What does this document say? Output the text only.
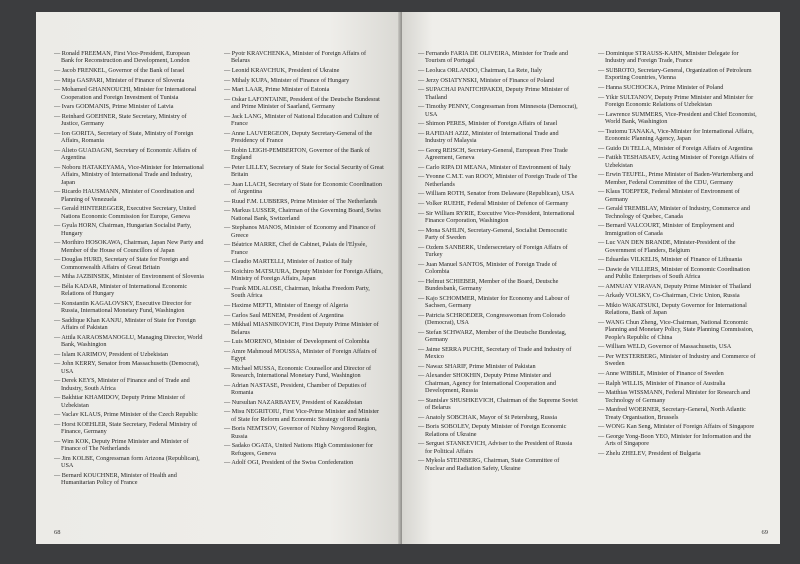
— Ronald FREEMAN, First Vice-President, European Bank for Reconstruction and Development, London
— Jacob FRENKEL, Governor of the Bank of Israel
— Mitja GASPARI, Minister of Finance of Slovenia
— Mohamed GHANNOUCHI, Minister for International Cooperation and Foreign Investment of Tunisia
— Ivars GODMANIS, Prime Minister of Latvia
— Reinhard GOEHNER, State Secretary, Ministry of Justice, Germany
— Ion GORITA, Secretary of State, Ministry of Foreign Affairs, Romania
— Alieto GUADAGNI, Secretary of Economic Affairs of Argentina
— Noboru HATAKEYAMA, Vice-Minister for International Affairs, Ministry of International Trade and Industry, Japan
— Ricardo HAUSMANN, Minister of Coordination and Planning of Venezuela
— Gerald HINTEREGGER, Executive Secretary, United Nations Economic Commission for Europe, Geneva
— Gyula HORN, Chairman, Hungarian Socialist Party, Hungary
— Morihiro HOSOKAWA, Chairman, Japan New Party and Member of the House of Councillors of Japan
— Douglas HURD, Secretary of State for Foreign and Commonwealth Affairs of Great Britain
— Miha JAZBINSEK, Minister of Environment of Slovenia
— Béla KADAR, Minister of International Economic Relations of Hungary
— Konstantin KAGALOVSKY, Executive Director for Russia, International Monetary Fund, Washington
— Saddique Khan KANJU, Minister of State for Foreign Affairs of Pakistan
— Attila KARAOSMANOGLU, Managing Director, World Bank, Washington
— Islam KARIMOV, President of Uzbekistan
— John KERRY, Senator from Massachusetts (Democrat), USA
— Derek KEYS, Minister of Finance and of Trade and Industry, South Africa
— Bakhtiar KHAMIDOV, Deputy Prime Minister of Uzbekistan
— Vaclav KLAUS, Prime Minister of the Czech Republic
— Horst KOEHLER, State Secretary, Federal Ministry of Finance, Germany
— Wim KOK, Deputy Prime Minister and Minister of Finance of The Netherlands
— Jim KOLBE, Congressman form Arizona (Republican), USA
— Bernard KOUCHNER, Minister of Health and Humanitarian Policy of France
— Pyotr KRAVCHENKA, Minister of Foreign Affairs of Belarus
— Leonid KRAVCHUK, President of Ukraine
— Mihaly KUPA, Minister of Finance of Hungary
— Mart LAAR, Prime Minister of Estonia
— Oskar LAFONTAINE, President of the Deutsche Bundesrat and Prime Minister of Saarland, Germany
— Jack LANG, Minister of National Education and Culture of France
— Anne LAUVERGEON, Deputy Secretary-General of the Presidency of France
— Robin LEIGH-PEMBERTON, Governor of the Bank of England
— Peter LILLEY, Secretary of State for Social Security of Great Britain
— Juan LLACH, Secretary of State for Economic Coordination of Argentina
— Ruud F.M. LUBBERS, Prime Minister of The Netherlands
— Markus LUSSER, Chairman of the Governing Board, Swiss National Bank, Switzerland
— Stephanos MANOS, Minister of Economy and Finance of Greece
— Béatrice MARRE, Chef de Cabinet, Palais de l'Elysée, France
— Claudio MARTELLI, Minister of Justice of Italy
— Koichiro MATSUURA, Deputy Minister for Foreign Affairs, Ministry of Foreign Affairs, Japan
— Frank MDLALOSE, Chairman, Inkatha Freedom Party, South Africa
— Haxime MEFTI, Minister of Energy of Algeria
— Carlos Saul MENEM, President of Argentina
— Mikhail MIASNIKOVICH, First Deputy Prime Minister of Belarus
— Luis MORENO, Minister of Development of Colombia
— Amre Mahmoud MOUSSA, Minister of Foreign Affairs of Egypt
— Michael MUSSA, Economic Counsellor and Director of Research, International Monetary Fund, Washington
— Adrian NASTASE, President, Chamber of Deputies of Romania
— Nursultan NAZARBAYEV, President of Kazakhstan
— Misu NEGRITOIU, First Vice-Prime Minister and Minister of State for Reform and Economic Strategy of Romania
— Boris NEMTSOV, Governor of Nizhny Novgorod Region, Russia
— Sadako OGATA, United Nations High Commissioner for Refugees, Geneva
— Adolf OGI, President of the Swiss Confederation
68
— Fernando FARIA DE OLIVEIRA, Minister for Trade and Tourism of Portugal
— Leoluca ORLANDO, Chairman, La Rete, Italy
— Jerzy OSIATYNSKI, Minister of Finance of Poland
— SUPACHAI PANITCHPAKDI, Deputy Prime Minister of Thailand
— Timothy PENNY, Congressman from Minnesota (Democrat), USA
— Shimon PERES, Minister of Foreign Affairs of Israel
— RAFIDAH AZIZ, Minister of International Trade and Industry of Malaysia
— Georg REISCH, Secretary-General, European Free Trade Agreement, Geneva
— Carlo RIPA DI MEANA, Minister of Environment of Italy
— Yvonne C.M.T. van ROOY, Minister of Foreign Trade of The Netherlands
— William ROTH, Senator from Delaware (Republican), USA
— Volker RUEHE, Federal Minister of Defence of Germany
— Sir William RYRIE, Executive Vice-President, International Finance Corporation, Washington
— Mona SAHLIN, Secretary-General, Socialist Democratic Party of Sweden
— Ozdem SANBERK, Undersecretary of Foreign Affairs of Turkey
— Juan Manuel SANTOS, Minister of Foreign Trade of Colombia
— Helmut SCHIEBER, Member of the Board, Deutsche Bundesbank, Germany
— Kajo SCHOMMER, Minister for Economy and Labour of Sachsen, Germany
— Patricia SCHROEDER, Congresswoman from Colorado (Democrat), USA
— Stefan SCHWARZ, Member of the Deutsche Bundestag, Germany
— Jaime SERRA PUCHE, Secretary of Trade and Industry of Mexico
— Nawaz SHARIF, Prime Minister of Pakistan
— Alexander SHOKHIN, Deputy Prime Minister and Chairman, Agency for International Cooperation and Development, Russia
— Stanislav SHUSHKEVICH, Chairman of the Supreme Soviet of Belarus
— Anatoly SOBCHAK, Mayor of St Petersburg, Russia
— Boris SOBOLEV, Deputy Minister of Foreign Economic Relations of Ukraine
— Serguei STANKEVICH, Adviser to the President of Russia for Political Affairs
— Mykola STEINBERG, Chairman, State Committee of Nuclear and Radiation Safety, Ukraine
— Dominique STRAUSS-KAHN, Minister Delegate for Industry and Foreign Trade, France
— SUBROTO, Secretary-General, Organization of Petroleum Exporting Countries, Vienna
— Hanna SUCHOCKA, Prime Minister of Poland
— Yikir SULTANOV, Deputy Prime Minister and Minister for Foreign Economic Relations of Uzbekistan
— Lawrence SUMMERS, Vice-President and Chief Economist, World Bank, Washington
— Tsutomu TANAKA, Vice-Minister for International Affairs, Economic Planning Agency, Japan
— Guido Di TELLA, Minister of Foreign Affairs of Argentina
— Fatikh TESHABAEV, Acting Minister of Foreign Affairs of Uzbekistan
— Erwin TEUFEL, Prime Minister of Baden-Wurtemberg and Member, Federal Committee of the CDU, Germany
— Klaus TOEPFER, Federal Minister of Environment of Germany
— Gerald TREMBLAY, Minister of Industry, Commerce and Technology of Quebec, Canada
— Bernard VALCOURT, Minister of Employment and Immigration of Canada
— Luc VAN DEN BRANDE, Minister-President of the Government of Flanders, Belgium
— Eduardas VILKELIS, Minister of Finance of Lithuania
— Dawie de VILLIERS, Minister of Economic Coordination and Public Enterprises of South Africa
— AMNUAY VIRAVAN, Deputy Prime Minister of Thailand
— Arkady VOLSKY, Co-Chairman, Civic Union, Russia
— Mikio WAKATSUKI, Deputy Governor for International Relations, Bank of Japan
— WANG Chun Zheng, Vice-Chairman, National Economic Planning and Monetary Policy, State Planning Commission, People's Republic of China
— William WELD, Governor of Massachusetts, USA
— Per WESTERBERG, Minister of Industry and Commerce of Sweden
— Anne WIBBLE, Minister of Finance of Sweden
— Ralph WILLIS, Minister of Finance of Australia
— Matthias WISSMANN, Federal Minister for Research and Technology of Germany
— Manfred WOERNER, Secretary-General, North Atlantic Treaty Organisation, Brussels
— WONG Kan Seng, Minister of Foreign Affairs of Singapore
— George Yong-Boon YEO, Minister for Information and the Arts of Singapore
— Zhelu ZHELEV, President of Bulgaria
69
